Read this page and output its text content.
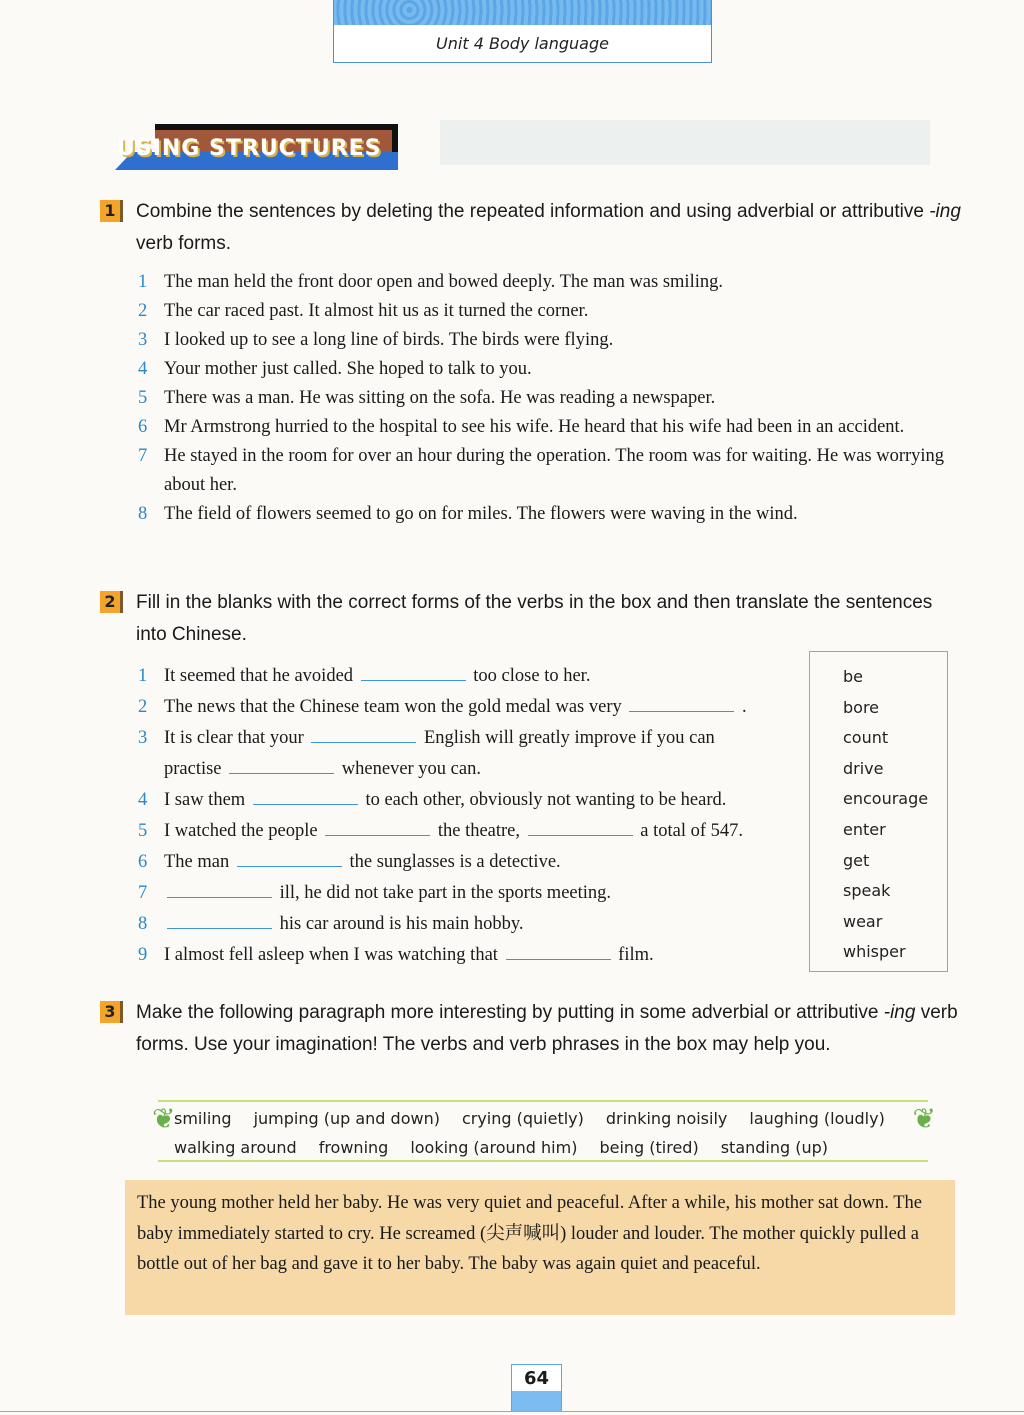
Unit 4 Body language
USING STRUCTURES
1	Combine the sentences by deleting the repeated information and using adverbial or attributive -ing verb forms.
1 The man held the front door open and bowed deeply. The man was smiling.
2 The car raced past. It almost hit us as it turned the corner.
3 I looked up to see a long line of birds. The birds were flying.
4 Your mother just called. She hoped to talk to you.
5 There was a man. He was sitting on the sofa. He was reading a newspaper.
6 Mr Armstrong hurried to the hospital to see his wife. He heard that his wife had been in an accident.
7 He stayed in the room for over an hour during the operation. The room was for waiting. He was worrying about her.
8 The field of flowers seemed to go on for miles. The flowers were waving in the wind.
2	Fill in the blanks with the correct forms of the verbs in the box and then translate the sentences into Chinese.
1 It seemed that he avoided	too close to her.
2 The news that the Chinese team won the gold medal was very	.
3 It is clear that your	English will greatly improve if you can
practise	whenever you can.
4 I saw them	to each other, obviously not wanting to be heard.
5 I watched the people	the theatre,	a total of 547.
6 The man	the sunglasses is a detective.
7	ill, he did not take part in the sports meeting.
8	his car around is his main hobby.
9 I almost fell asleep when I was watching that	film.
be
bore
count
drive
encourage
enter
get
speak
wear
whisper
3	Make the following paragraph more interesting by putting in some adverbial or attributive -ing verb forms. Use your imagination! The verbs and verb phrases in the box may help you.
❦	❦
smiling jumping (up and down) crying (quietly) drinking noisily laughing (loudly)
walking around frowning looking (around him) being (tired) standing (up)
The young mother held her baby. He was very quiet and peaceful. After a while, his mother sat down. The baby immediately started to cry. He screamed (尖声喊叫) louder and louder. The mother quickly pulled a bottle out of her bag and gave it to her baby. The baby was again quiet and peaceful.
64
